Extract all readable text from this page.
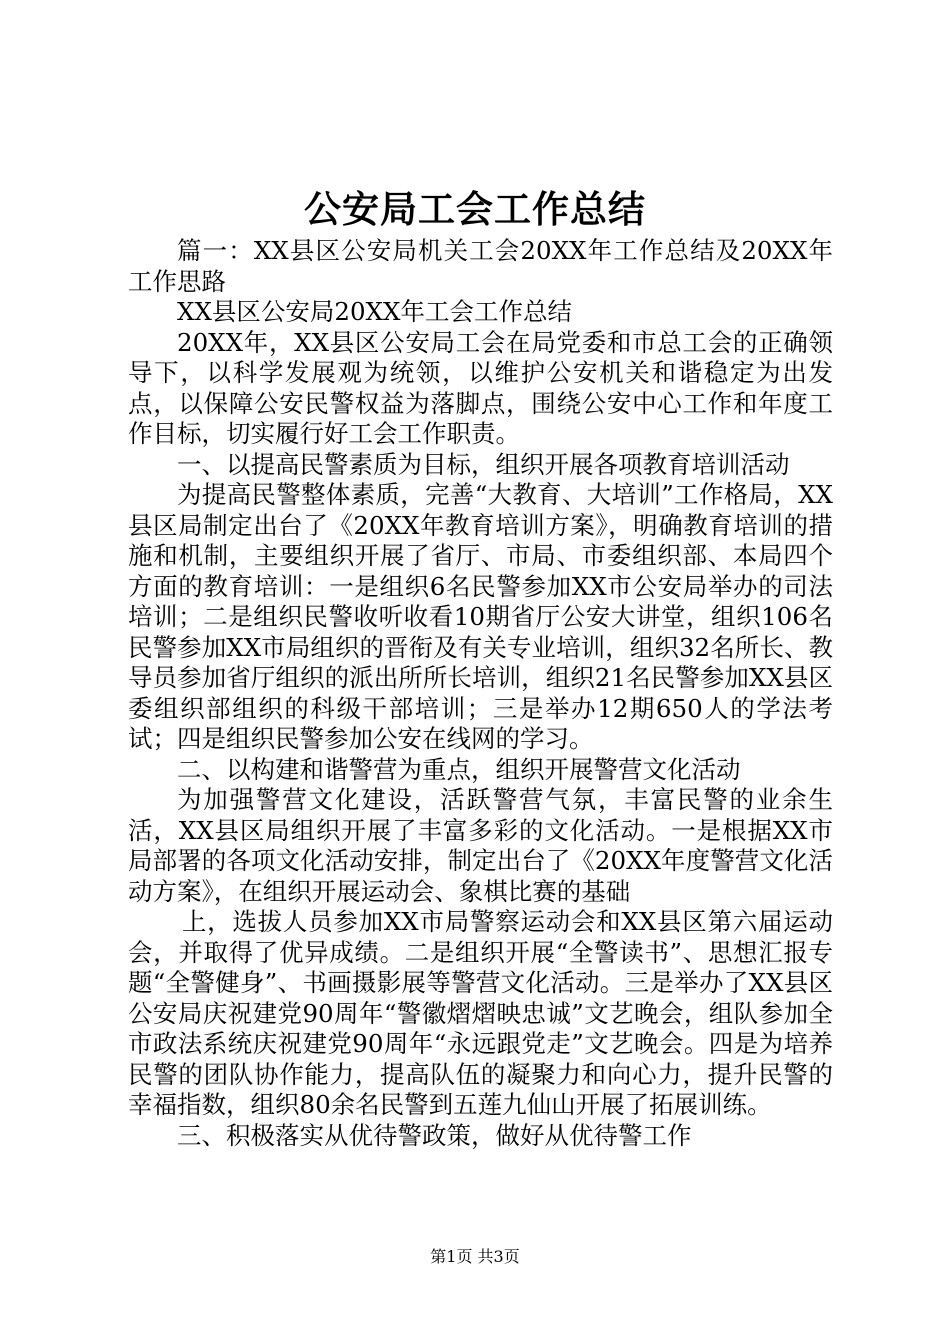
公安局工会工作总结

篇一：XX县区公安局机关工会20XX年工作总结及20XX年工作思路

XX县区公安局20XX年工会工作总结

20XX年，XX县区公安局工会在局党委和市总工会的正确领导下，以科学发展观为统领，以维护公安机关和谐稳定为出发点，以保障公安民警权益为落脚点，围绕公安中心工作和年度工作目标，切实履行好工会工作职责。

一、以提高民警素质为目标，组织开展各项教育培训活动

为提高民警整体素质，完善“大教育、大培训”工作格局，XX县区局制定出台了《20XX年教育培训方案》，明确教育培训的措施和机制，主要组织开展了省厅、市局、市委组织部、本局四个方面的教育培训：一是组织6名民警参加XX市公安局举办的司法培训；二是组织民警收听收看10期省厅公安大讲堂，组织106名民警参加XX市局组织的晋衔及有关专业培训，组织32名所长、教导员参加省厅组织的派出所所长培训，组织21名民警参加XX县区委组织部组织的科级干部培训；三是举办12期650人的学法考试；四是组织民警参加公安在线网的学习。

二、以构建和谐警营为重点，组织开展警营文化活动

为加强警营文化建设，活跃警营气氛，丰富民警的业余生活，XX县区局组织开展了丰富多彩的文化活动。一是根据XX市局部署的各项文化活动安排，制定出台了《20XX年度警营文化活动方案》，在组织开展运动会、象棋比赛的基础

上，选拔人员参加XX市局警察运动会和XX县区第六届运动会，并取得了优异成绩。二是组织开展“全警读书”、思想汇报专题“全警健身”、书画摄影展等警营文化活动。三是举办了XX县区公安局庆祝建党90周年“警徽熠熠映忠诚”文艺晚会，组队参加全市政法系统庆祝建党90周年“永远跟党走”文艺晚会。四是为培养民警的团队协作能力，提高队伍的凝聚力和向心力，提升民警的幸福指数，组织80余名民警到五莲九仙山开展了拓展训练。

三、积极落实从优待警政策，做好从优待警工作

第1页 共3页
